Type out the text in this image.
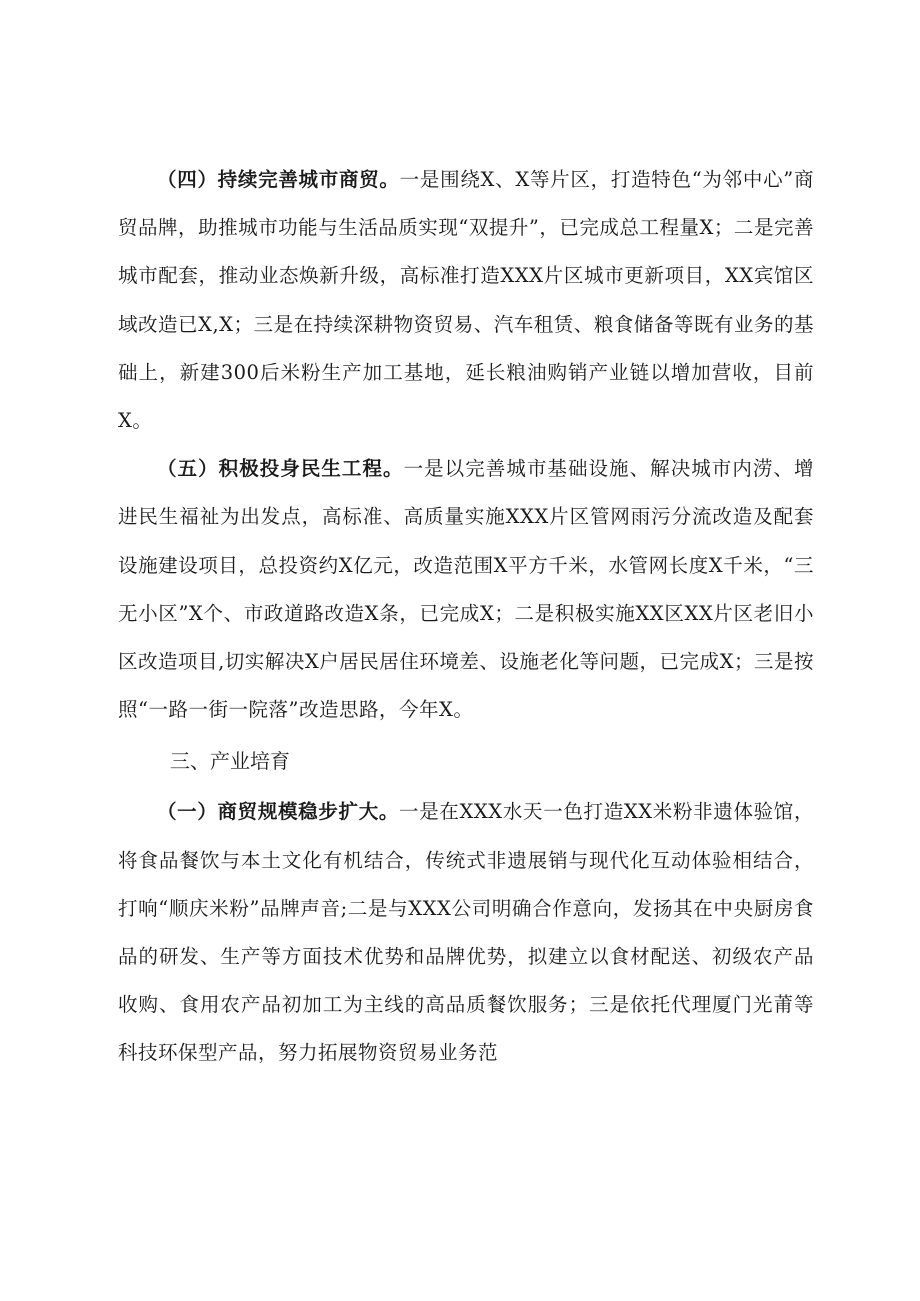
（四）持续完善城市商贸。一是围绕X、X等片区，打造特色“为邻中心”商贸品牌，助推城市功能与生活品质实现“双提升”，已完成总工程量X；二是完善城市配套，推动业态焕新升级，高标准打造XXX片区城市更新项目，XX宾馆区域改造已X,X；三是在持续深耕物资贸易、汽车租赁、粮食储备等既有业务的基础上，新建300后米粉生产加工基地，延长粮油购销产业链以增加营收，目前X。

（五）积极投身民生工程。一是以完善城市基础设施、解决城市内涝、增进民生福祉为出发点，高标准、高质量实施XXX片区管网雨污分流改造及配套设施建设项目，总投资约X亿元，改造范围X平方千米，水管网长度X千米，“三无小区”X个、市政道路改造X条，已完成X；二是积极实施XX区XX片区老旧小区改造项目,切实解决X户居民居住环境差、设施老化等问题，已完成X；三是按照“一路一街一院落”改造思路，今年X。

三、产业培育

（一）商贸规模稳步扩大。一是在XXX水天一色打造XX米粉非遗体验馆，将食品餐饮与本土文化有机结合，传统式非遗展销与现代化互动体验相结合，打响“顺庆米粉”品牌声音;二是与XXX公司明确合作意向，发扬其在中央厨房食品的研发、生产等方面技术优势和品牌优势，拟建立以食材配送、初级农产品收购、食用农产品初加工为主线的高品质餐饮服务；三是依托代理厦门光莆等科技环保型产品，努力拓展物资贸易业务范
